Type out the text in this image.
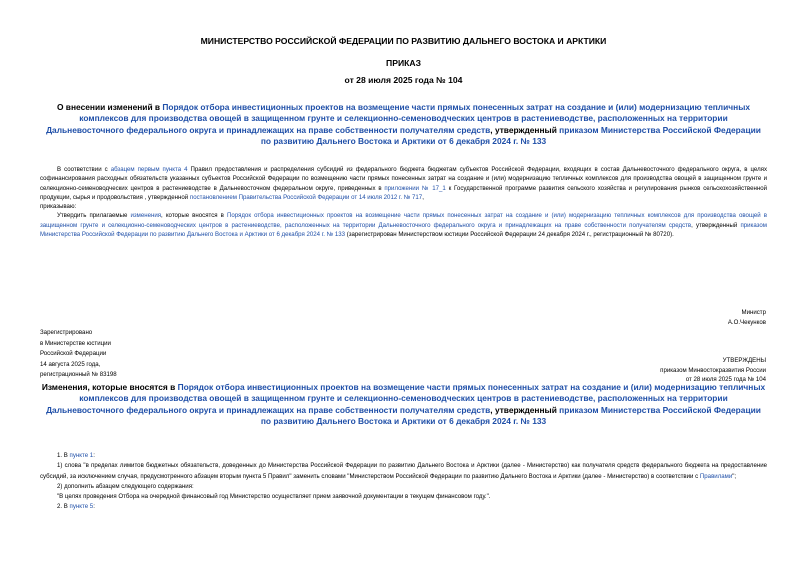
МИНИСТЕРСТВО РОССИЙСКОЙ ФЕДЕРАЦИИ ПО РАЗВИТИЮ ДАЛЬНЕГО ВОСТОКА И АРКТИКИ

ПРИКАЗ

от 28 июля 2025 года № 104

О внесении изменений в Порядок отбора инвестиционных проектов на возмещение части прямых понесенных затрат на создание и (или) модернизацию тепличных комплексов для производства овощей в защищенном грунте и селекционно-семеноводческих центров в растениеводстве, расположенных на территории Дальневосточного федерального округа и принадлежащих на праве собственности получателям средств, утвержденный приказом Министерства Российской Федерации по развитию Дальнего Востока и Арктики от 6 декабря 2024 г. № 133

В соответствии с абзацем первым пункта 4 Правил предоставления и распределения субсидий из федерального бюджета бюджетам субъектов Российской Федерации, входящих в состав Дальневосточного федерального округа, в целях софинансирования расходных обязательств указанных субъектов Российской Федерации по возмещению части прямых понесенных затрат на создание и (или) модернизацию тепличных комплексов для производства овощей в защищенном грунте и селекционно-семеноводческих центров в растениеводстве в Дальневосточном федеральном округе, приведенных в приложении № 17_1 к Государственной программе развития сельского хозяйства и регулирования рынков сельскохозяйственной продукции, сырья и продовольствия , утвержденной постановлением Правительства Российской Федерации от 14 июля 2012 г. № 717,

приказываю:

Утвердить прилагаемые изменения, которые вносятся в Порядок отбора инвестиционных проектов на возмещение части прямых понесенных затрат на создание и (или) модернизацию тепличных комплексов для производства овощей в защищенном грунте и селекционно-семеноводческих центров в растениеводстве, расположенных на территории Дальневосточного федерального округа и принадлежащих на праве собственности получателям средств, утвержденный приказом Министерства Российской Федерации по развитию Дальнего Востока и Арктики от 6 декабря 2024 г. № 133 (зарегистрирован Министерством юстиции Российской Федерации 24 декабря 2024 г., регистрационный № 80720).

Министр

А.О.Чекунков

Зарегистрировано

в Министерстве юстиции

Российской Федерации

14 августа 2025 года,

регистрационный № 83198

УТВЕРЖДЕНЫ

приказом Минвостокразвития России

от 28 июля 2025 года № 104

Изменения, которые вносятся в Порядок отбора инвестиционных проектов на возмещение части прямых понесенных затрат на создание и (или) модернизацию тепличных комплексов для производства овощей в защищенном грунте и селекционно-семеноводческих центров в растениеводстве, расположенных на территории Дальневосточного федерального округа и принадлежащих на праве собственности получателям средств, утвержденный приказом Министерства Российской Федерации по развитию Дальнего Востока и Арктики от 6 декабря 2024 г. № 133

1. В пункте 1:

1) слова "в пределах лимитов бюджетных обязательств, доведенных до Министерства Российской Федерации по развитию Дальнего Востока и Арктики (далее - Министерство) как получателя средств федерального бюджета на предоставление субсидий, за исключением случая, предусмотренного абзацем вторым пункта 5 Правил" заменить словами "Министерством Российской Федерации по развитию Дальнего Востока и Арктики (далее - Министерство) в соответствии с Правилами";

2) дополнить абзацем следующего содержания:

"В целях проведения Отбора на очередной финансовый год Министерство осуществляет прием заявочной документации в текущем финансовом году.".

2. В пункте 5:
